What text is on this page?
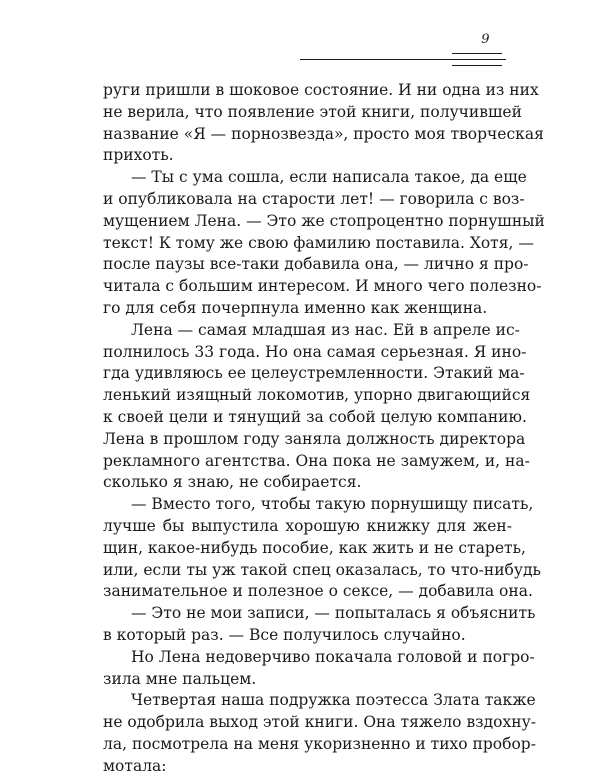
9
руги пришли в шоковое состояние. И ни одна из них
не верила, что появление этой книги, получившей
название «Я — порнозвезда», просто моя творческая
прихоть.
— Ты с ума сошла, если написала такое, да еще
и опубликовала на старости лет! — говорила с воз-
мущением Лена. — Это же стопроцентно порнушный
текст! К тому же свою фамилию поставила. Хотя, —
после паузы все-таки добавила она, — лично я про-
читала с большим интересом. И много чего полезно-
го для себя почерпнула именно как женщина.
Лена — самая младшая из нас. Ей в апреле ис-
полнилось 33 года. Но она самая серьезная. Я ино-
гда удивляюсь ее целеустремленности. Этакий ма-
ленький изящный локомотив, упорно двигающийся
к своей цели и тянущий за собой целую компанию.
Лена в прошлом году заняла должность директора
рекламного агентства. Она пока не замужем, и, на-
сколько я знаю, не собирается.
— Вместо того, чтобы такую порнушищу писать,
лучше бы выпустила хорошую книжку для жен-
щин, какое-нибудь пособие, как жить и не стареть,
или, если ты уж такой спец оказалась, то что-нибудь
занимательное и полезное о сексе, — добавила она.
— Это не мои записи, — попыталась я объяснить
в который раз. — Все получилось случайно.
Но Лена недоверчиво покачала головой и погро-
зила мне пальцем.
Четвертая наша подружка поэтесса Злата также
не одобрила выход этой книги. Она тяжело вздохну-
ла, посмотрела на меня укоризненно и тихо пробор-
мотала:
